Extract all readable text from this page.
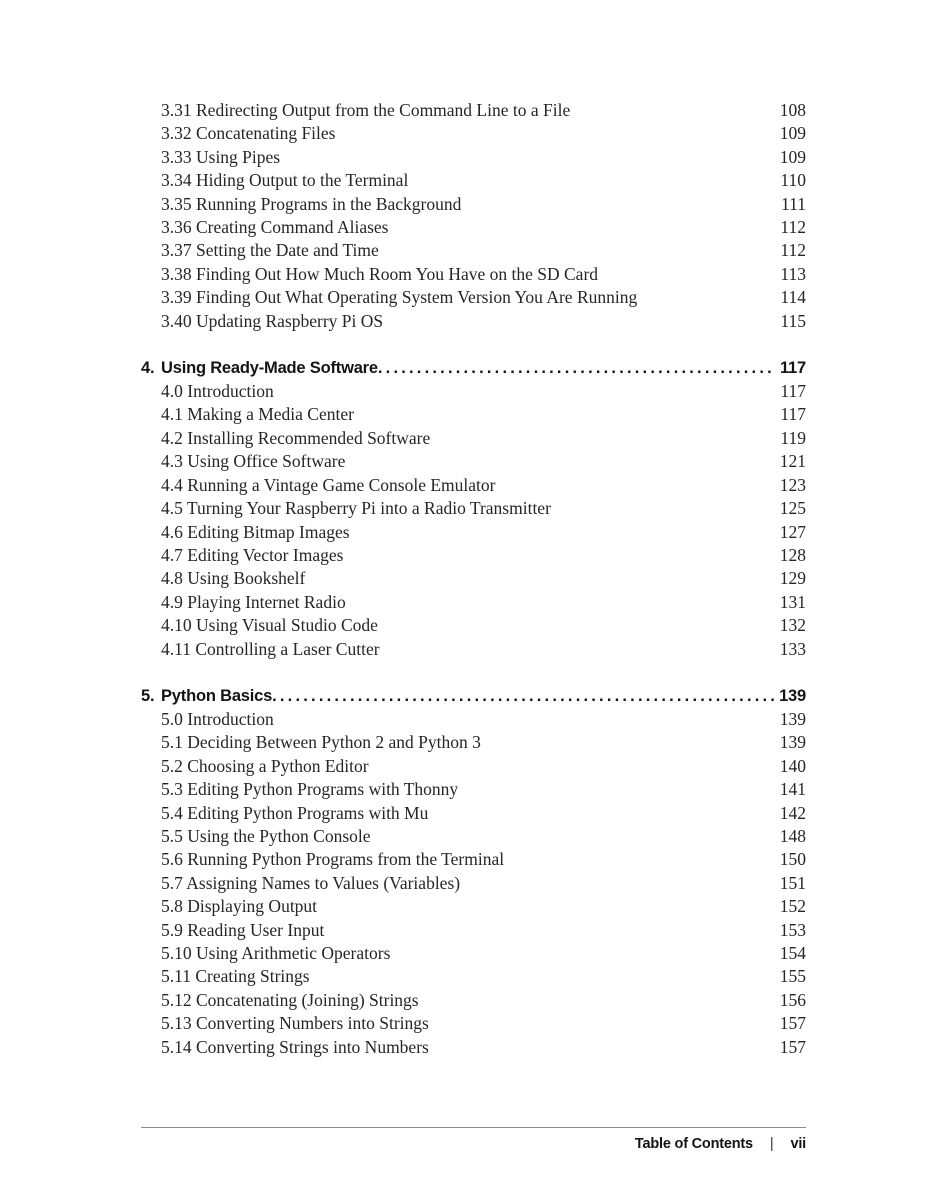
3.31 Redirecting Output from the Command Line to a File	108
3.32 Concatenating Files	109
3.33 Using Pipes	109
3.34 Hiding Output to the Terminal	110
3.35 Running Programs in the Background	111
3.36 Creating Command Aliases	112
3.37 Setting the Date and Time	112
3.38 Finding Out How Much Room You Have on the SD Card	113
3.39 Finding Out What Operating System Version You Are Running	114
3.40 Updating Raspberry Pi OS	115
4. Using Ready-Made Software .....	117
4.0 Introduction	117
4.1 Making a Media Center	117
4.2 Installing Recommended Software	119
4.3 Using Office Software	121
4.4 Running a Vintage Game Console Emulator	123
4.5 Turning Your Raspberry Pi into a Radio Transmitter	125
4.6 Editing Bitmap Images	127
4.7 Editing Vector Images	128
4.8 Using Bookshelf	129
4.9 Playing Internet Radio	131
4.10 Using Visual Studio Code	132
4.11 Controlling a Laser Cutter	133
5. Python Basics .....	139
5.0 Introduction	139
5.1 Deciding Between Python 2 and Python 3	139
5.2 Choosing a Python Editor	140
5.3 Editing Python Programs with Thonny	141
5.4 Editing Python Programs with Mu	142
5.5 Using the Python Console	148
5.6 Running Python Programs from the Terminal	150
5.7 Assigning Names to Values (Variables)	151
5.8 Displaying Output	152
5.9 Reading User Input	153
5.10 Using Arithmetic Operators	154
5.11 Creating Strings	155
5.12 Concatenating (Joining) Strings	156
5.13 Converting Numbers into Strings	157
5.14 Converting Strings into Numbers	157
Table of Contents | vii
